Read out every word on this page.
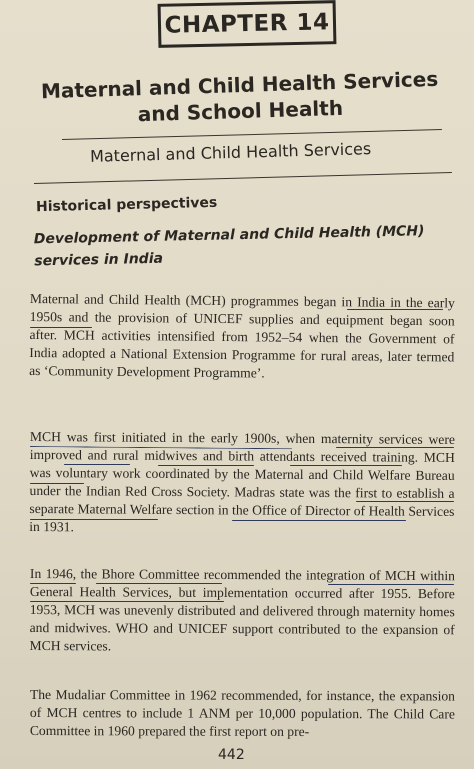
CHAPTER 14
Maternal and Child Health Services
and School Health
Maternal and Child Health Services
Historical perspectives
Development of Maternal and Child Health (MCH) services in India
Maternal and Child Health (MCH) programmes began in India in the early 1950s and the provision of UNICEF supplies and equipment began soon after. MCH activities intensified from 1952–54 when the Government of India adopted a National Extension Programme for rural areas, later termed as ‘Community Development Programme’.
MCH was first initiated in the early 1900s, when maternity services were improved and rural midwives and birth attendants received training. MCH was voluntary work coordinated by the Maternal and Child Welfare Bureau under the Indian Red Cross Society. Madras state was the first to establish a separate Maternal Welfare section in the Office of Director of Health Services in 1931.
In 1946, the Bhore Committee recommended the integration of MCH within General Health Services, but implementation occurred after 1955. Before 1953, MCH was unevenly distributed and delivered through maternity homes and midwives. WHO and UNICEF support contributed to the expansion of MCH services.
The Mudaliar Committee in 1962 recommended, for instance, the expansion of MCH centres to include 1 ANM per 10,000 population. The Child Care Committee in 1960 prepared the first report on pre-
442
